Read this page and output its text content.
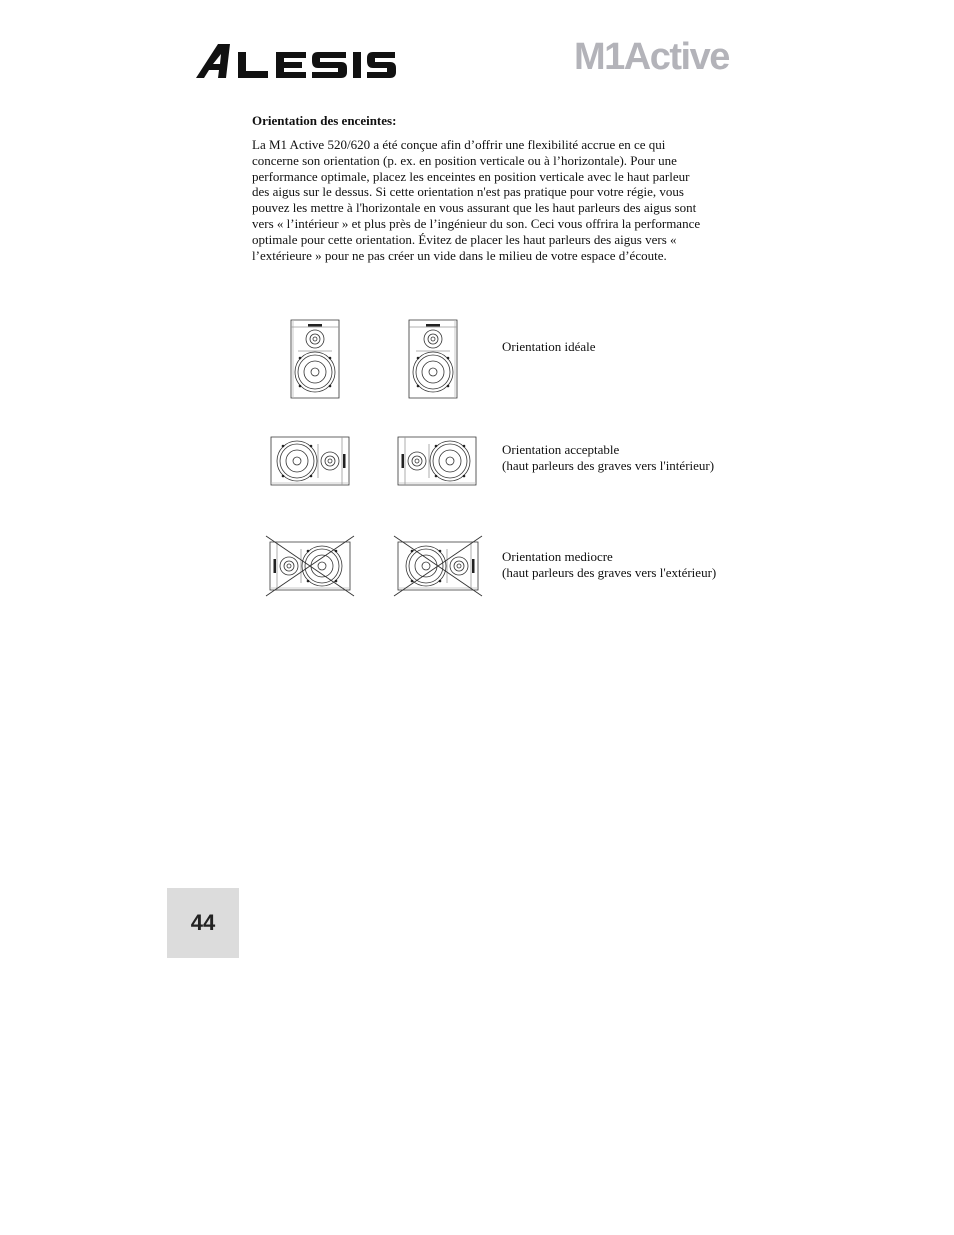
M1Active
Orientation des enceintes:

La M1 Active 520/620 a été conçue afin d’offrir une flexibilité accrue en ce qui concerne son orientation (p. ex. en position verticale ou à l’horizontale). Pour une performance optimale, placez les enceintes en position verticale avec le haut parleur des aigus sur le dessus. Si cette orientation n'est pas pratique pour votre régie, vous pouvez les mettre à l'horizontale en vous assurant que les haut parleurs des aigus sont vers « l’intérieur » et plus près de l’ingénieur du son. Ceci vous offrira la performance optimale pour cette orientation. Évitez de placer les haut parleurs des aigus vers « l’extérieure » pour ne pas créer un vide dans le milieu de votre espace d’écoute.

Orientation idéale
Orientation acceptable
(haut parleurs des graves vers l'intérieur)
Orientation mediocre
(haut parleurs des graves vers l'extérieur)
44
